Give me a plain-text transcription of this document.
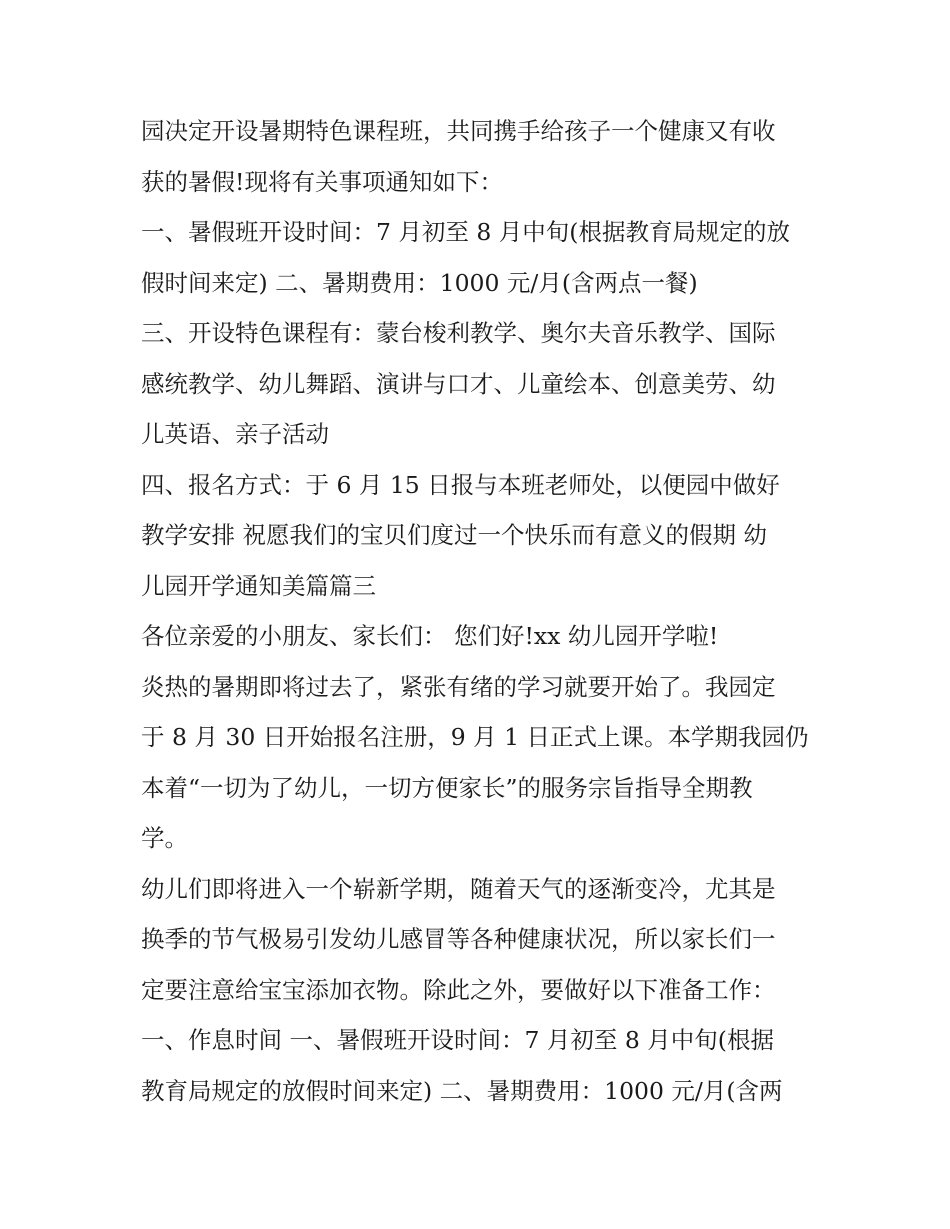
园决定开设暑期特色课程班，共同携手给孩子一个健康又有收
获的暑假!现将有关事项通知如下：
一、暑假班开设时间：7 月初至 8 月中旬(根据教育局规定的放
假时间来定) 二、暑期费用：1000 元/月(含两点一餐)
三、开设特色课程有：蒙台梭利教学、奥尔夫音乐教学、国际
感统教学、幼儿舞蹈、演讲与口才、儿童绘本、创意美劳、幼
儿英语、亲子活动
四、报名方式：于 6 月 15 日报与本班老师处，以便园中做好
教学安排 祝愿我们的宝贝们度过一个快乐而有意义的假期 幼
儿园开学通知美篇篇三
各位亲爱的小朋友、家长们： 您们好!xx 幼儿园开学啦!
炎热的暑期即将过去了，紧张有绪的学习就要开始了。我园定
于 8 月 30 日开始报名注册，9 月 1 日正式上课。本学期我园仍
本着“一切为了幼儿，一切方便家长”的服务宗旨指导全期教
学。
幼儿们即将进入一个崭新学期，随着天气的逐渐变冷，尤其是
换季的节气极易引发幼儿感冒等各种健康状况，所以家长们一
定要注意给宝宝添加衣物。除此之外，要做好以下准备工作：
一、作息时间 一、暑假班开设时间：7 月初至 8 月中旬(根据
教育局规定的放假时间来定) 二、暑期费用：1000 元/月(含两
